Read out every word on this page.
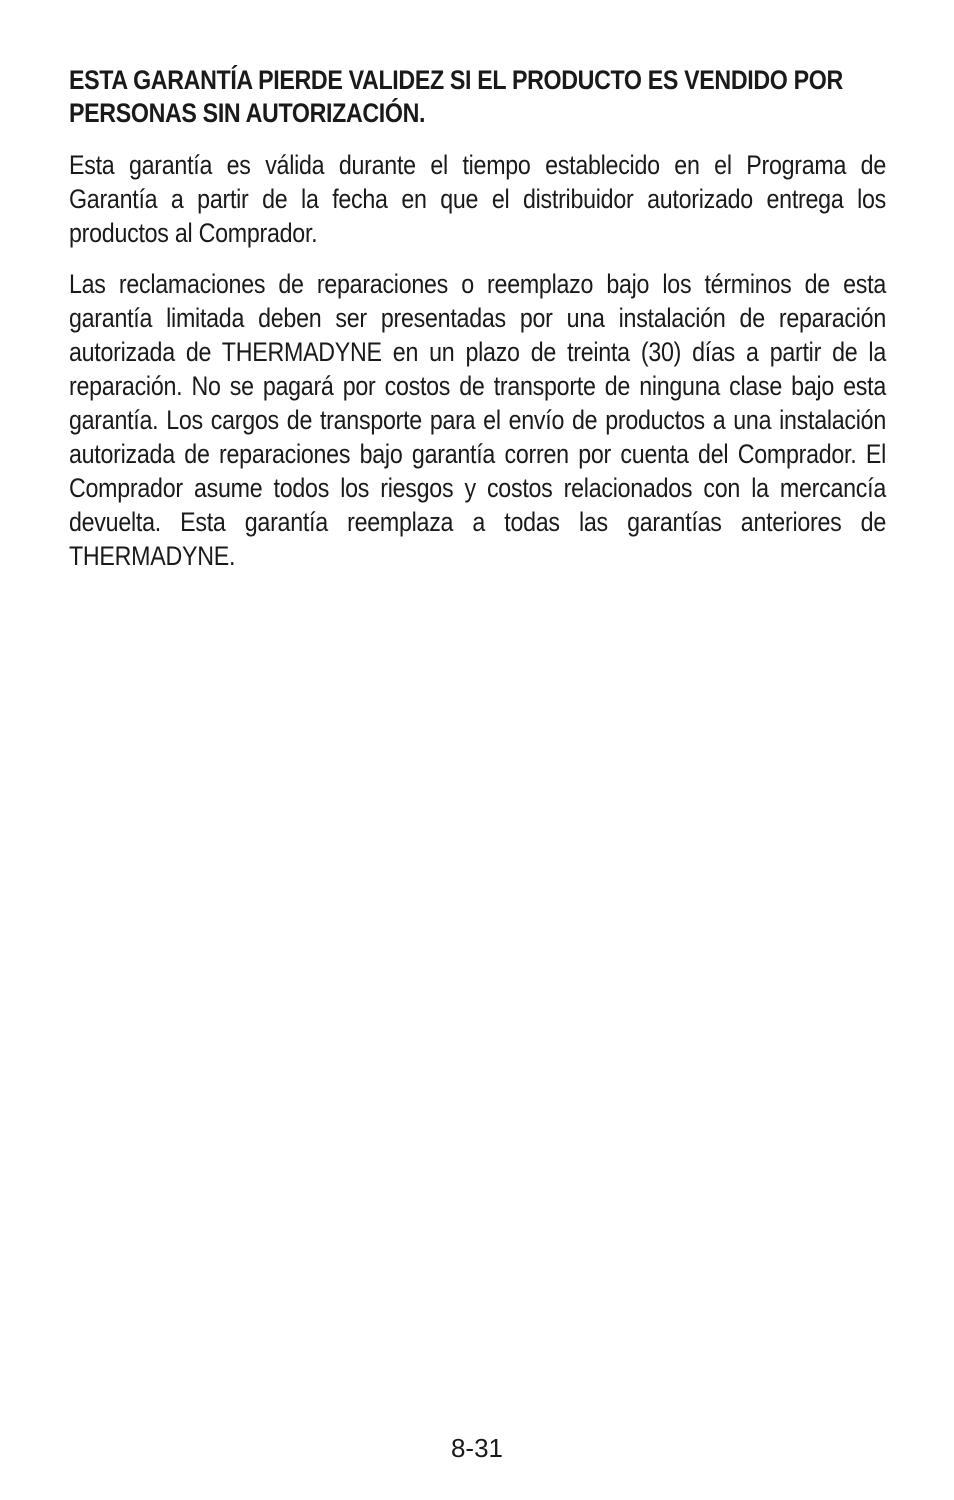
ESTA GARANTÍA PIERDE VALIDEZ SI EL PRODUCTO ES VENDIDO POR PERSONAS SIN AUTORIZACIÓN.

Esta garantía es válida durante el tiempo establecido en el Programa de Garantía a partir de la fecha en que el distribuidor autorizado entrega los productos al Comprador.

Las reclamaciones de reparaciones o reemplazo bajo los términos de esta garantía limitada deben ser presentadas por una instalación de reparación autorizada de THERMADYNE en un plazo de treinta (30) días a partir de la reparación. No se pagará por costos de transporte de ninguna clase bajo esta garantía. Los cargos de transporte para el envío de productos a una instalación autorizada de reparaciones bajo garantía corren por cuenta del Comprador. El Comprador asume todos los riesgos y costos relacionados con la mercancía devuelta. Esta garantía reemplaza a todas las garantías anteriores de THERMADYNE.

8-31
